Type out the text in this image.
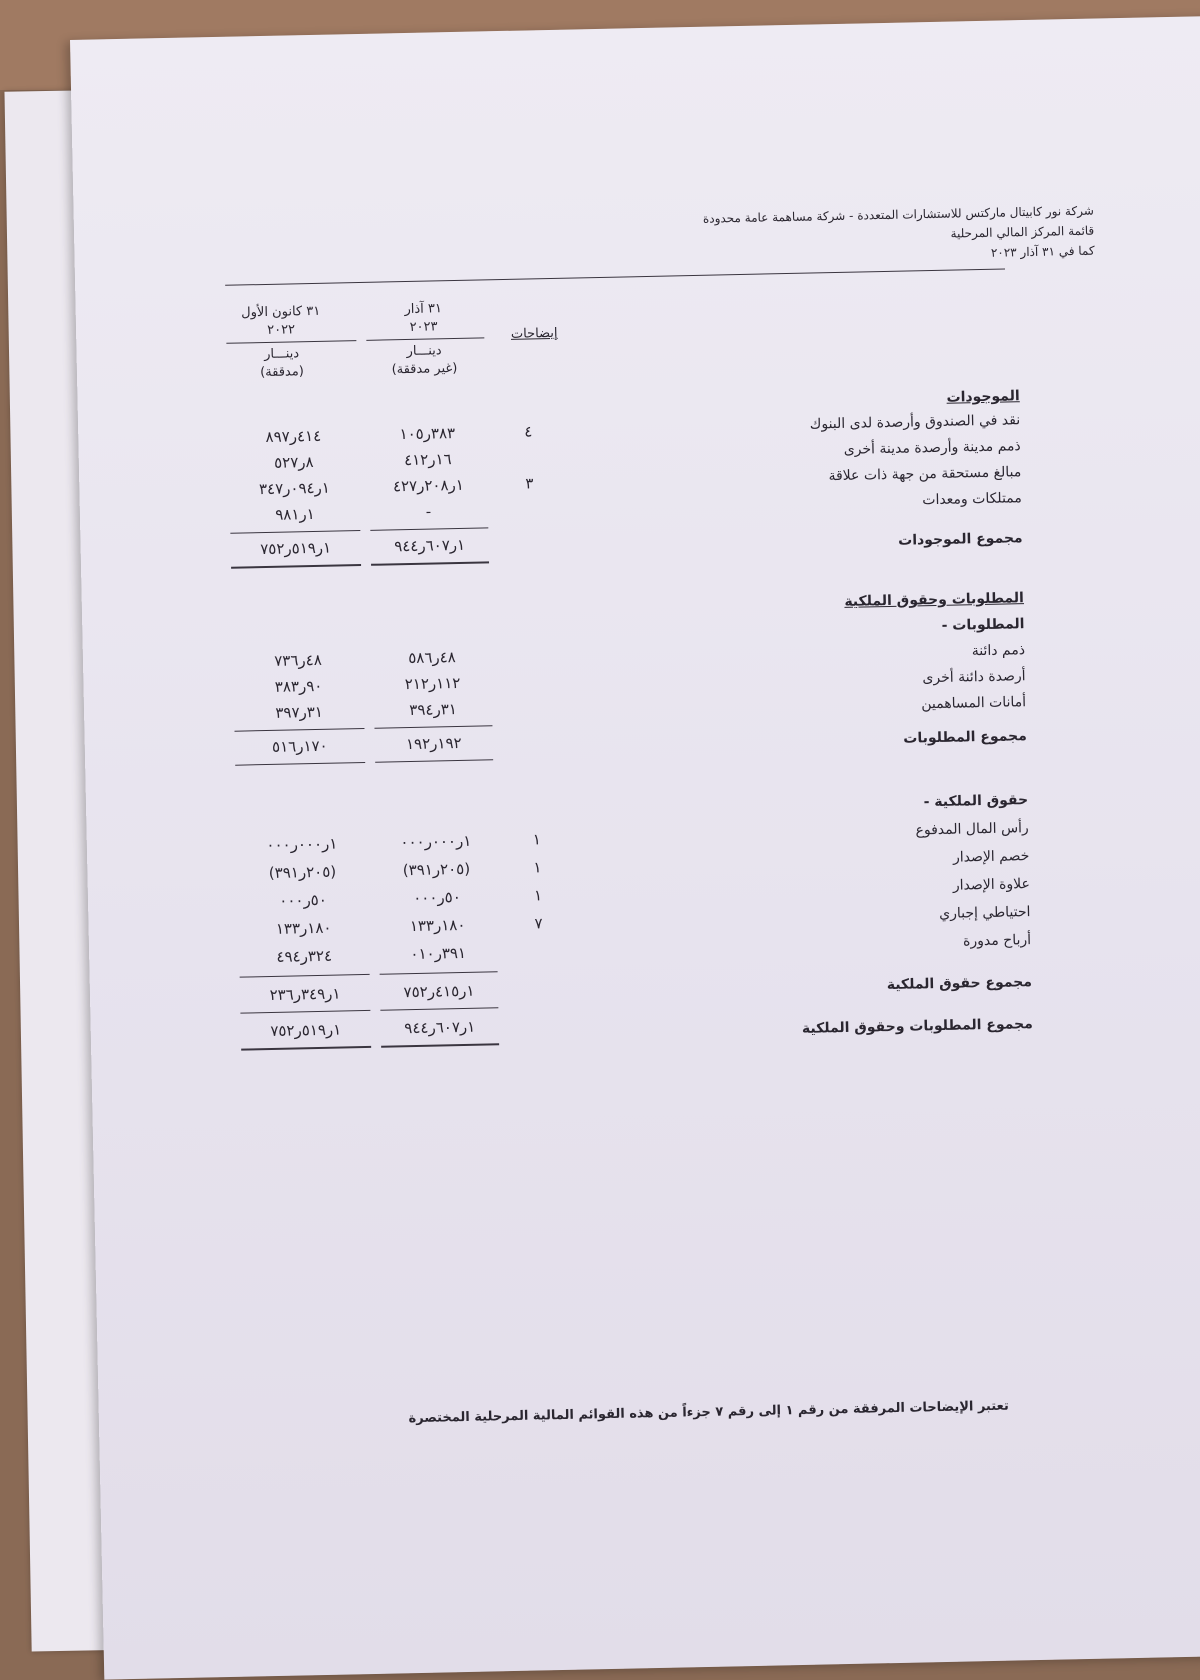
شركة نور كابيتال ماركتس للاستشارات المتعددة - شركة مساهمة عامة محدودة
قائمة المركز المالي المرحلية
كما في ٣١ آذار ٢٠٢٣
إيضاحات
٣١ آذار
٢٠٢٣
دينـــار
(غير مدققة)
٣١ كانون الأول
٢٠٢٢
دينـــار
(مدققة)
الموجودات
نقد في الصندوق وأرصدة لدى البنوك
٤
٣٨٣ر١٠٥
٤١٤ر٨٩٧
ذمم مدينة وأرصدة مدينة أخرى
١٦ر٤١٢
٨ر٥٢٧
مبالغ مستحقة من جهة ذات علاقة
٣
١ر٢٠٨ر٤٢٧
١ر٠٩٤ر٣٤٧
ممتلكات ومعدات
-
١ر٩٨١
مجموع الموجودات
١ر٦٠٧ر٩٤٤
١ر٥١٩ر٧٥٢
المطلوبات وحقوق الملكية
المطلوبات -
ذمم دائنة
٤٨ر٥٨٦
٤٨ر٧٣٦
أرصدة دائنة أخرى
١١٢ر٢١٢
٩٠ر٣٨٣
أمانات المساهمين
٣١ر٣٩٤
٣١ر٣٩٧
مجموع المطلوبات
١٩٢ر١٩٢
١٧٠ر٥١٦
حقوق الملكية -
رأس المال المدفوع
١
١ر٠٠٠ر٠٠٠
١ر٠٠٠ر٠٠٠
خصم الإصدار
١
(٢٠٥ر٣٩١)
(٢٠٥ر٣٩١)
علاوة الإصدار
١
٥٠ر٠٠٠
٥٠ر٠٠٠
احتياطي إجباري
٧
١٨٠ر١٣٣
١٨٠ر١٣٣
أرباح مدورة
٣٩١ر٠١٠
٣٢٤ر٤٩٤
مجموع حقوق الملكية
١ر٤١٥ر٧٥٢
١ر٣٤٩ر٢٣٦
مجموع المطلوبات وحقوق الملكية
١ر٦٠٧ر٩٤٤
١ر٥١٩ر٧٥٢
تعتبر الإيضاحات المرفقة من رقم ١ إلى رقم ٧ جزءاً من هذه القوائم المالية المرحلية المختصرة
